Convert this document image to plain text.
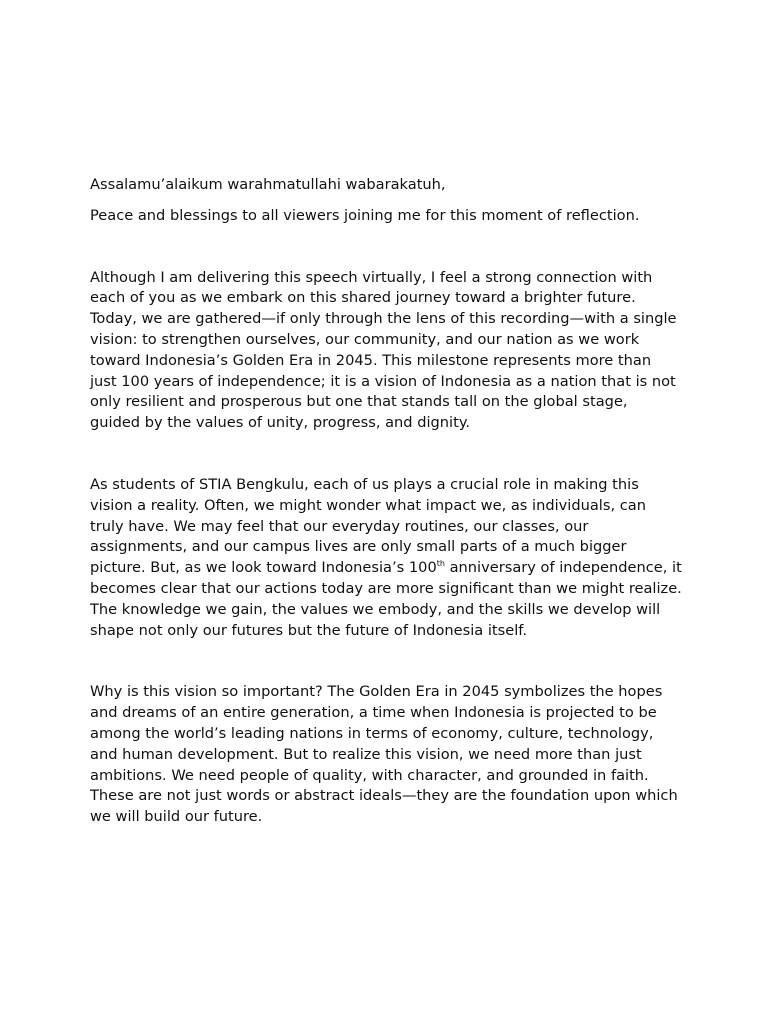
Assalamu’alaikum warahmatullahi wabarakatuh,

Peace and blessings to all viewers joining me for this moment of reflection.

Although I am delivering this speech virtually, I feel a strong connection with each of you as we embark on this shared journey toward a brighter future. Today, we are gathered—if only through the lens of this recording—with a single vision: to strengthen ourselves, our community, and our nation as we work toward Indonesia’s Golden Era in 2045. This milestone represents more than just 100 years of independence; it is a vision of Indonesia as a nation that is not only resilient and prosperous but one that stands tall on the global stage, guided by the values of unity, progress, and dignity.

As students of STIA Bengkulu, each of us plays a crucial role in making this vision a reality. Often, we might wonder what impact we, as individuals, can truly have. We may feel that our everyday routines, our classes, our assignments, and our campus lives are only small parts of a much bigger picture. But, as we look toward Indonesia’s 100th anniversary of independence, it becomes clear that our actions today are more significant than we might realize. The knowledge we gain, the values we embody, and the skills we develop will shape not only our futures but the future of Indonesia itself.

Why is this vision so important? The Golden Era in 2045 symbolizes the hopes and dreams of an entire generation, a time when Indonesia is projected to be among the world’s leading nations in terms of economy, culture, technology, and human development. But to realize this vision, we need more than just ambitions. We need people of quality, with character, and grounded in faith. These are not just words or abstract ideals—they are the foundation upon which we will build our future.
